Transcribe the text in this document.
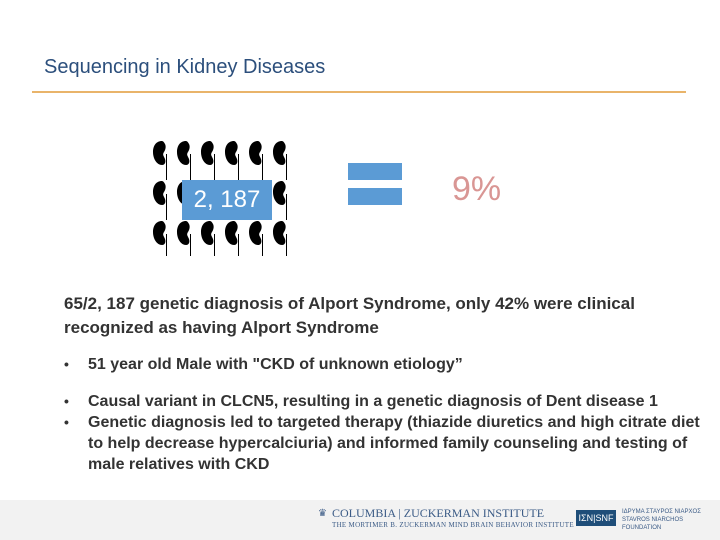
Sequencing in Kidney Diseases
2, 187	9%
65/2, 187 genetic diagnosis of Alport Syndrome, only 42% were clinical recognized as having Alport Syndrome
• 51 year old Male with "CKD of unknown etiology”
• Causal variant in CLCN5, resulting in a genetic diagnosis of Dent disease 1
• Genetic diagnosis led to targeted therapy (thiazide diuretics and high citrate diet to help decrease hypercalciuria) and informed family counseling and testing of male relatives with CKD
♛ COLUMBIA | ZUCKERMAN INSTITUTE
THE MORTIMER B. ZUCKERMAN MIND BRAIN BEHAVIOR INSTITUTE
IΣN|SNF
ΙΔΡΥΜΑ ΣΤΑΥΡΟΣ ΝΙΑΡΧΟΣ STAVROS NIARCHOS FOUNDATION
